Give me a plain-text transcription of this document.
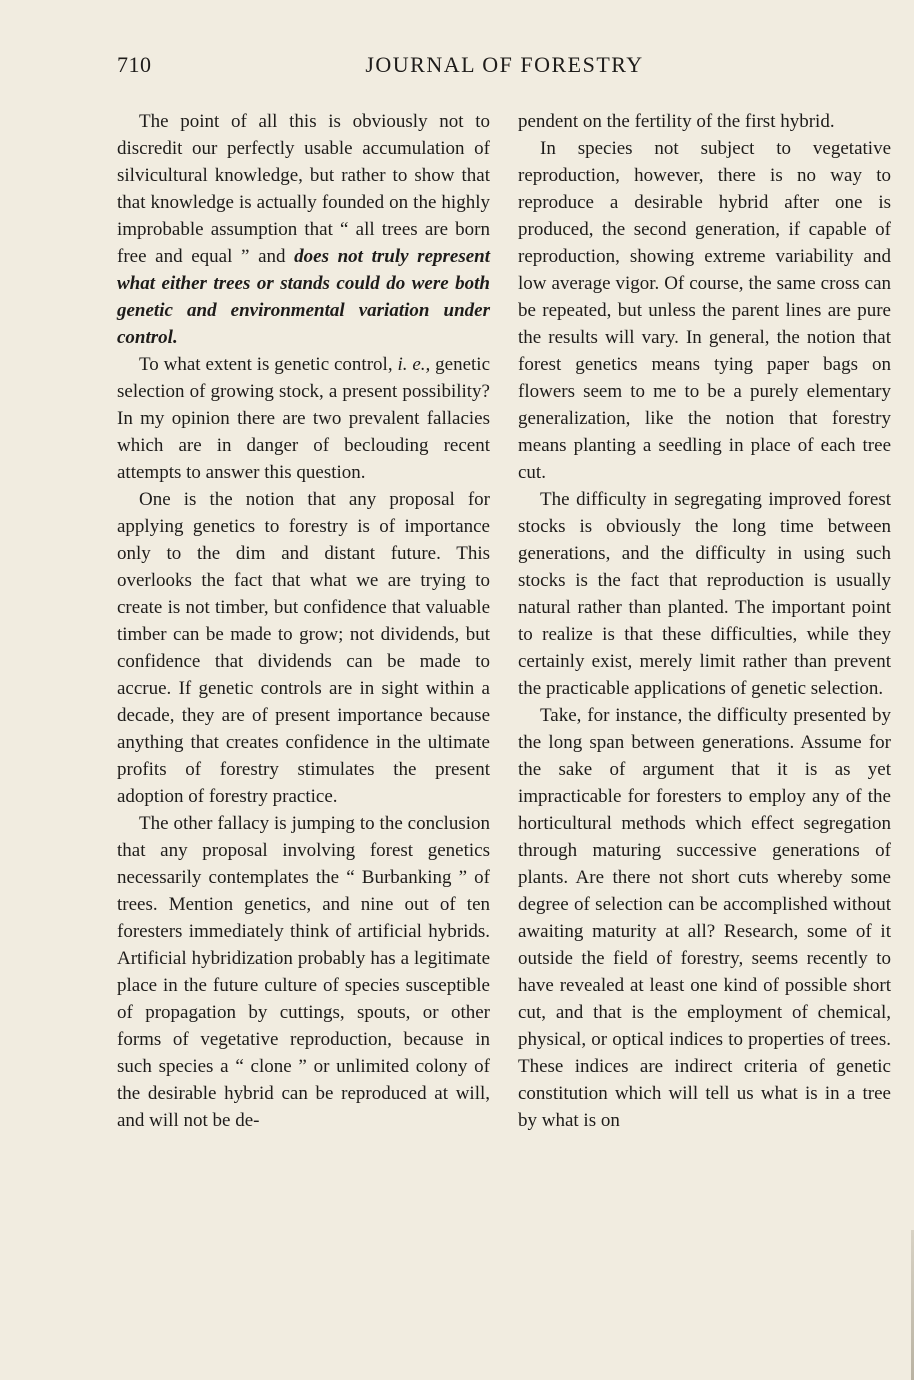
710	JOURNAL OF FORESTRY

The point of all this is obviously not to discredit our perfectly usable accumulation of silvicultural knowledge, but rather to show that that knowledge is actually founded on the highly improbable assumption that “ all trees are born free and equal ” and does not truly represent what either trees or stands could do were both genetic and environmental variation under control.

To what extent is genetic control, i. e., genetic selection of growing stock, a present possibility? In my opinion there are two prevalent fallacies which are in danger of beclouding recent attempts to answer this question.

One is the notion that any proposal for applying genetics to forestry is of importance only to the dim and distant future. This overlooks the fact that what we are trying to create is not timber, but confidence that valuable timber can be made to grow; not dividends, but confidence that dividends can be made to accrue. If genetic controls are in sight within a decade, they are of present importance because anything that creates confidence in the ultimate profits of forestry stimulates the present adoption of forestry practice.

The other fallacy is jumping to the conclusion that any proposal involving forest genetics necessarily contemplates the “ Burbanking ” of trees. Mention genetics, and nine out of ten foresters immediately think of artificial hybrids. Artificial hybridization probably has a legitimate place in the future culture of species susceptible of propagation by cuttings, spouts, or other forms of vegetative reproduction, because in such species a “ clone ” or unlimited colony of the desirable hybrid can be reproduced at will, and will not be de-

pendent on the fertility of the first hybrid.

In species not subject to vegetative reproduction, however, there is no way to reproduce a desirable hybrid after one is produced, the second generation, if capable of reproduction, showing extreme variability and low average vigor. Of course, the same cross can be repeated, but unless the parent lines are pure the results will vary. In general, the notion that forest genetics means tying paper bags on flowers seem to me to be a purely elementary generalization, like the notion that forestry means planting a seedling in place of each tree cut.

The difficulty in segregating improved forest stocks is obviously the long time between generations, and the difficulty in using such stocks is the fact that reproduction is usually natural rather than planted. The important point to realize is that these difficulties, while they certainly exist, merely limit rather than prevent the practicable applications of genetic selection.

Take, for instance, the difficulty presented by the long span between generations. Assume for the sake of argument that it is as yet impracticable for foresters to employ any of the horticultural methods which effect segregation through maturing successive generations of plants. Are there not short cuts whereby some degree of selection can be accomplished without awaiting maturity at all? Research, some of it outside the field of forestry, seems recently to have revealed at least one kind of possible short cut, and that is the employment of chemical, physical, or optical indices to properties of trees. These indices are indirect criteria of genetic constitution which will tell us what is in a tree by what is on
